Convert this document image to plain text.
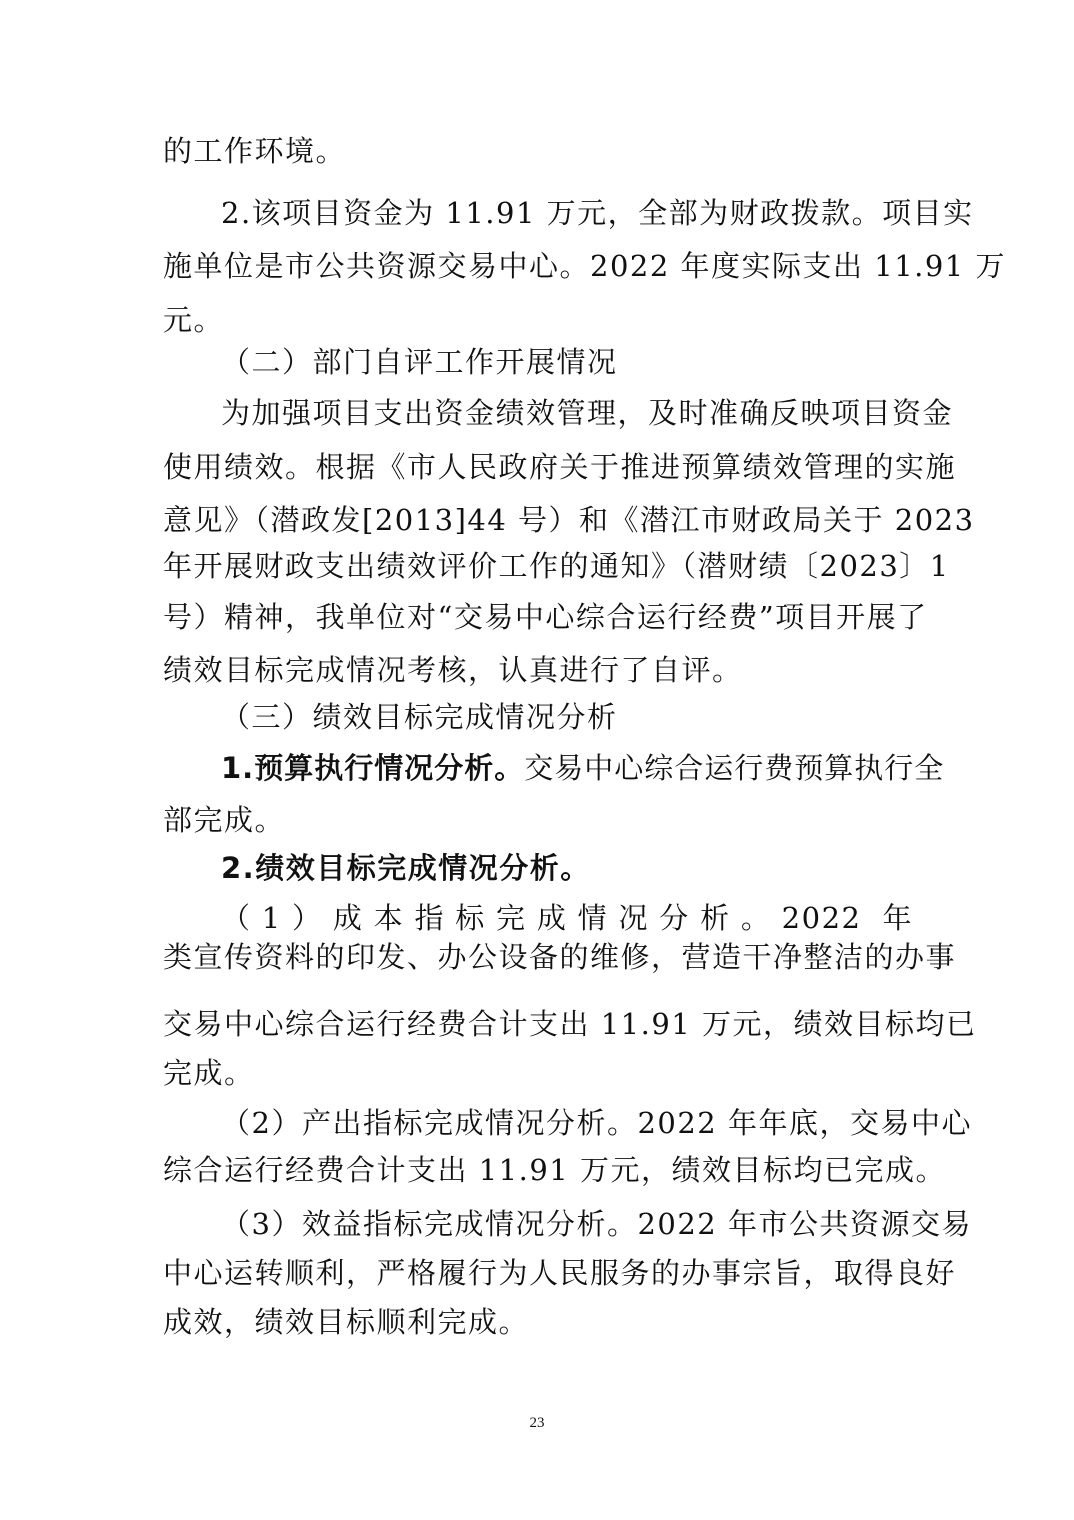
的工作环境。
2.该项目资金为 11.91 万元，全部为财政拨款。项目实
施单位是市公共资源交易中心。2022 年度实际支出 11.91 万
元。
（二）部门自评工作开展情况
为加强项目支出资金绩效管理，及时准确反映项目资金
使用绩效。根据《市人民政府关于推进预算绩效管理的实施
意见》（潜政发[2013]44 号）和《潜江市财政局关于 2023
年开展财政支出绩效评价工作的通知》（潜财绩〔2023〕1
号）精神，我单位对“交易中心综合运行经费”项目开展了
绩效目标完成情况考核，认真进行了自评。
（三）绩效目标完成情况分析
1.预算执行情况分析。交易中心综合运行费预算执行全
部完成。
2.绩效目标完成情况分析。
（1）成本指标完成情况分析。2022 年
类宣传资料的印发、办公设备的维修，营造干净整洁的办事
交易中心综合运行经费合计支出 11.91 万元，绩效目标均已
完成。
（2）产出指标完成情况分析。2022 年年底，交易中心
综合运行经费合计支出 11.91 万元，绩效目标均已完成。
（3）效益指标完成情况分析。2022 年市公共资源交易
中心运转顺利，严格履行为人民服务的办事宗旨，取得良好
成效，绩效目标顺利完成。
23
